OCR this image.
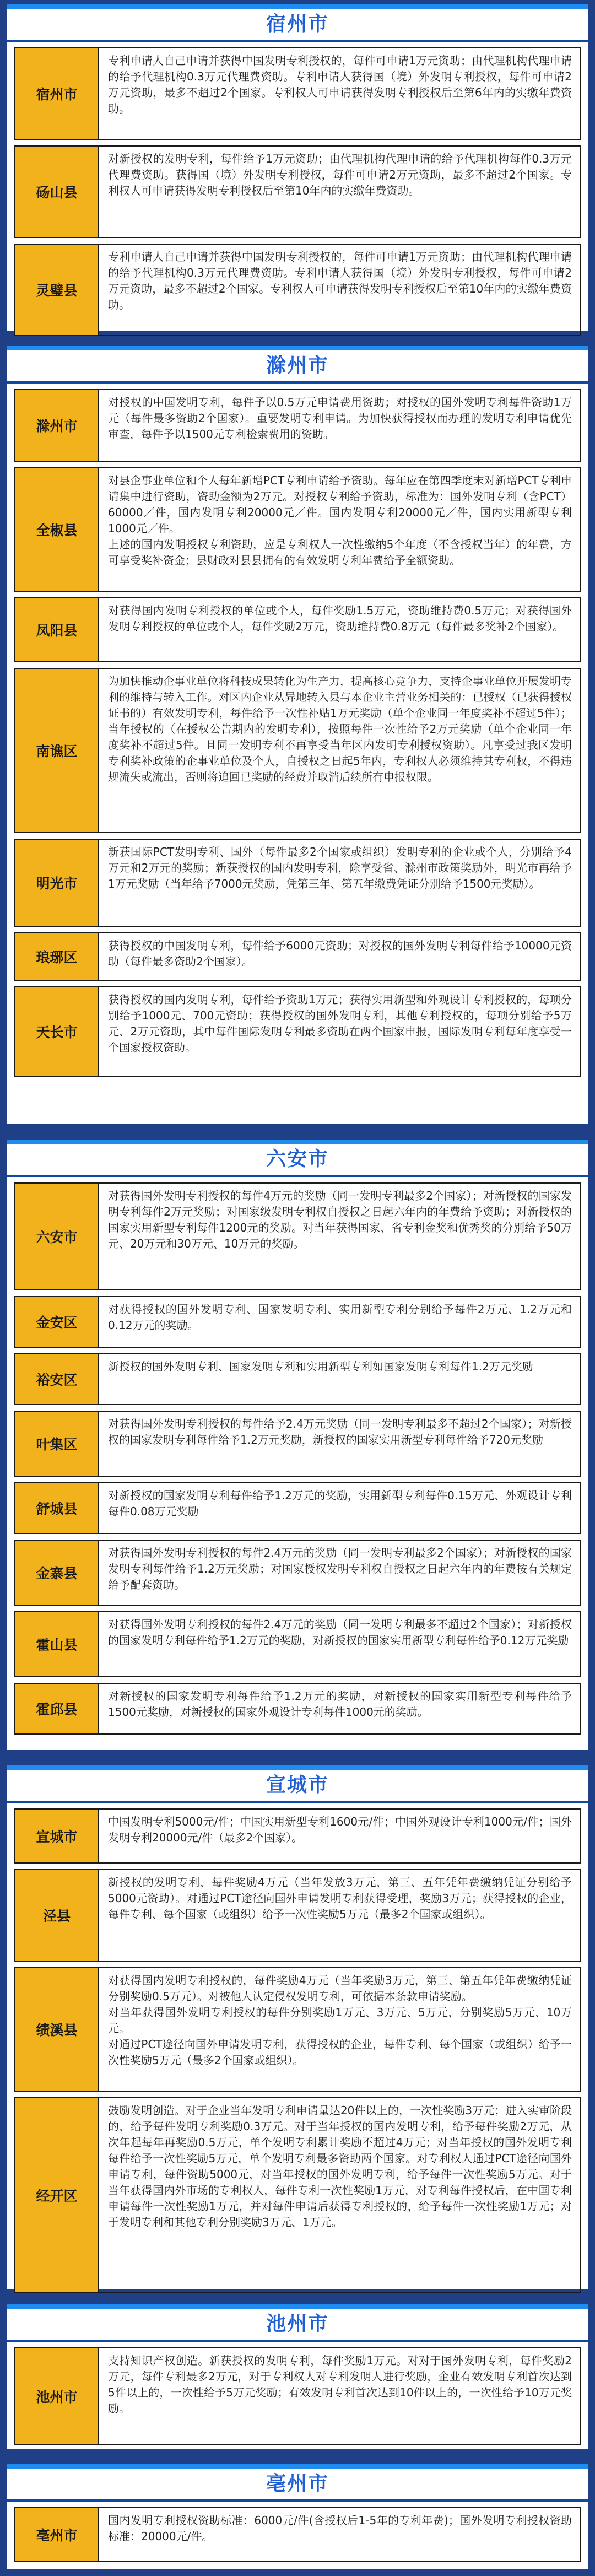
宿州市
宿州市
专利申请人自己申请并获得中国发明专利授权的，每件可申请1万元资助；由代理机构代理申请的给予代理机构0.3万元代理费资助。专利申请人获得国（境）外发明专利授权，每件可申请2万元资助，最多不超过2个国家。专利权人可申请获得发明专利授权后至第6年内的实缴年费资助。
砀山县
对新授权的发明专利，每件给予1万元资助；由代理机构代理申请的给予代理机构每件0.3万元代理费资助。获得国（境）外发明专利授权，每件可申请2万元资助，最多不超过2个国家。专利权人可申请获得发明专利授权后至第10年内的实缴年费资助。
灵璧县
专利申请人自己申请并获得中国发明专利授权的，每件可申请1万元资助；由代理机构代理申请的给予代理机构0.3万元代理费资助。专利申请人获得国（境）外发明专利授权，每件可申请2万元资助，最多不超过2个国家。专利权人可申请获得发明专利授权后至第10年内的实缴年费资助。
滁州市
滁州市
对授权的中国发明专利，每件予以0.5万元申请费用资助；对授权的国外发明专利每件资助1万元（每件最多资助2个国家）。重要发明专利申请。为加快获得授权而办理的发明专利申请优先审查，每件予以1500元专利检索费用的资助。
全椒县
对县企事业单位和个人每年新增PCT专利申请给予资助。每年应在第四季度末对新增PCT专利申请集中进行资助，资助金额为2万元。对授权专利给予资助，标准为：国外发明专利（含PCT）60000／件，国内发明专利20000元／件。国内发明专利20000元／件，国内实用新型专利1000元／件。
上述的国内发明授权专利资助，应是专利权人一次性缴纳5个年度（不含授权当年）的年费，方可享受奖补资金；县财政对县县拥有的有效发明专利年费给予全额资助。
凤阳县
对获得国内发明专利授权的单位或个人，每件奖励1.5万元，资助维持费0.5万元；对获得国外发明专利授权的单位或个人，每件奖励2万元，资助维持费0.8万元（每件最多奖补2个国家）。
南谯区
为加快推动企事业单位将科技成果转化为生产力，提高核心竞争力，支持企事业单位开展发明专利的维持与转入工作。对区内企业从异地转入县与本企业主营业务相关的：已授权（已获得授权证书的）有效发明专利，每件给予一次性补贴1万元奖励（单个企业同一年度奖补不超过5件）；当年授权的（在授权公告期内的发明专利），按照每件一次性给予2万元奖励（单个企业同一年度奖补不超过5件。且同一发明专利不再享受当年区内发明专利授权资助）。凡享受过我区发明专利奖补政策的企事业单位及个人，自授权之日起5年内，专利权人必须维持其专利权，不得违规流失或流出，否则将追回已奖励的经费并取消后续所有申报权限。
明光市
新获国际PCT发明专利、国外（每件最多2个国家或组织）发明专利的企业或个人，分别给予4万元和2万元的奖励；新获授权的国内发明专利，除享受省、滁州市政策奖励外，明光市再给予1万元奖励（当年给予7000元奖励，凭第三年、第五年缴费凭证分别给予1500元奖励）。
琅琊区
获得授权的中国发明专利，每件给予6000元资助；对授权的国外发明专利每件给予10000元资助（每件最多资助2个国家）。
天长市
获得授权的国内发明专利，每件给予资助1万元；获得实用新型和外观设计专利授权的，每项分别给予1000元、700元资助；获得授权的国外发明专利，其他专利授权的，每项分别给予5万元、2万元资助，其中每件国际发明专利最多资助在两个国家申报，国际发明专利每年度享受一个国家授权资助。
六安市
六安市
对获得国外发明专利授权的每件4万元的奖励（同一发明专利最多2个国家）；对新授权的国家发明专利每件2万元奖励；对国家级发明专利权自授权之日起六年内的年费给予资助；对新授权的国家实用新型专利每件1200元的奖励。对当年获得国家、省专利金奖和优秀奖的分别给予50万元、20万元和30万元、10万元的奖励。
金安区
对获得授权的国外发明专利、国家发明专利、实用新型专利分别给予每件2万元、1.2万元和0.12万元的奖励。
裕安区
新授权的国外发明专利、国家发明专利和实用新型专利如国家发明专利每件1.2万元奖励
叶集区
对获得国外发明专利授权的每件给予2.4万元奖励（同一发明专利最多不超过2个国家）；对新授权的国家发明专利每件给予1.2万元奖励，新授权的国家实用新型专利每件给予720元奖励
舒城县
对新授权的国家发明专利每件给予1.2万元的奖励，实用新型专利每件0.15万元、外观设计专利每件0.08万元奖励
金寨县
对获得国外发明专利授权的每件2.4万元的奖励（同一发明专利最多2个国家）；对新授权的国家发明专利每件给予1.2万元奖励；对国家授权发明专利权自授权之日起六年内的年费按有关规定给予配套资助。
霍山县
对获得国外发明专利授权的每件2.4万元的奖励（同一发明专利最多不超过2个国家）；对新授权的国家发明专利每件给予1.2万元的奖励，对新授权的国家实用新型专利每件给予0.12万元奖励
霍邱县
对新授权的国家发明专利每件给予1.2万元的奖励，对新授权的国家实用新型专利每件给予1500元奖励，对新授权的国家外观设计专利每件1000元的奖励。
宣城市
宣城市
中国发明专利5000元/件；中国实用新型专利1600元/件；中国外观设计专利1000元/件；国外发明专利20000元/件（最多2个国家）。
泾县
新授权的发明专利，每件奖励4万元（当年发放3万元，第三、五年凭年费缴纳凭证分别给予5000元资助）。对通过PCT途径向国外申请发明专利获得受理，奖励3万元；获得授权的企业，每件专利、每个国家（或组织）给予一次性奖励5万元（最多2个国家或组织）。
绩溪县
对获得国内发明专利授权的，每件奖励4万元（当年奖励3万元，第三、第五年凭年费缴纳凭证分别奖励0.5万元）。对被他人认定侵权发明专利，可依据本条款申请奖励。
对当年获得国外发明专利授权的每件分别奖励1万元、3万元、5万元，分别奖励5万元、10万元。
对通过PCT途径向国外申请发明专利，获得授权的企业，每件专利、每个国家（或组织）给予一次性奖励5万元（最多2个国家或组织）。
经开区
鼓励发明创造。对于企业当年发明专利申请量达20件以上的，一次性奖励3万元；进入实审阶段的，给予每件发明专利奖励0.3万元。对于当年授权的国内发明专利，给予每件奖励2万元，从次年起每年再奖励0.5万元，单个发明专利累计奖励不超过4万元；对当年授权的国外发明专利每件给予一次性奖励5万元，单个发明专利最多资助两个国家。对专利权人通过PCT途径向国外申请专利，每件资助5000元，对当年授权的国外发明专利，给予每件一次性奖励5万元。对于当年获得国内外市场的专利权人，每件专利一次性奖励1万元，对专利每件授权后，在中国专利申请每件一次性奖励1万元，并对每件申请后获得专利授权的，给予每件一次性奖励1万元；对于发明专利和其他专利分别奖励3万元、1万元。
池州市
池州市
支持知识产权创造。新获授权的发明专利，每件奖励1万元。对对于国外发明专利，每件奖励2万元，每件专利最多2万元，对于专利权人对专利发明人进行奖励，企业有效发明专利首次达到5件以上的，一次性给予5万元奖励；有效发明专利首次达到10件以上的，一次性给予10万元奖励。
亳州市
亳州市
国内发明专利授权资助标准：6000元/件(含授权后1-5年的专利年费)；国外发明专利授权资助标准：20000元/件。
